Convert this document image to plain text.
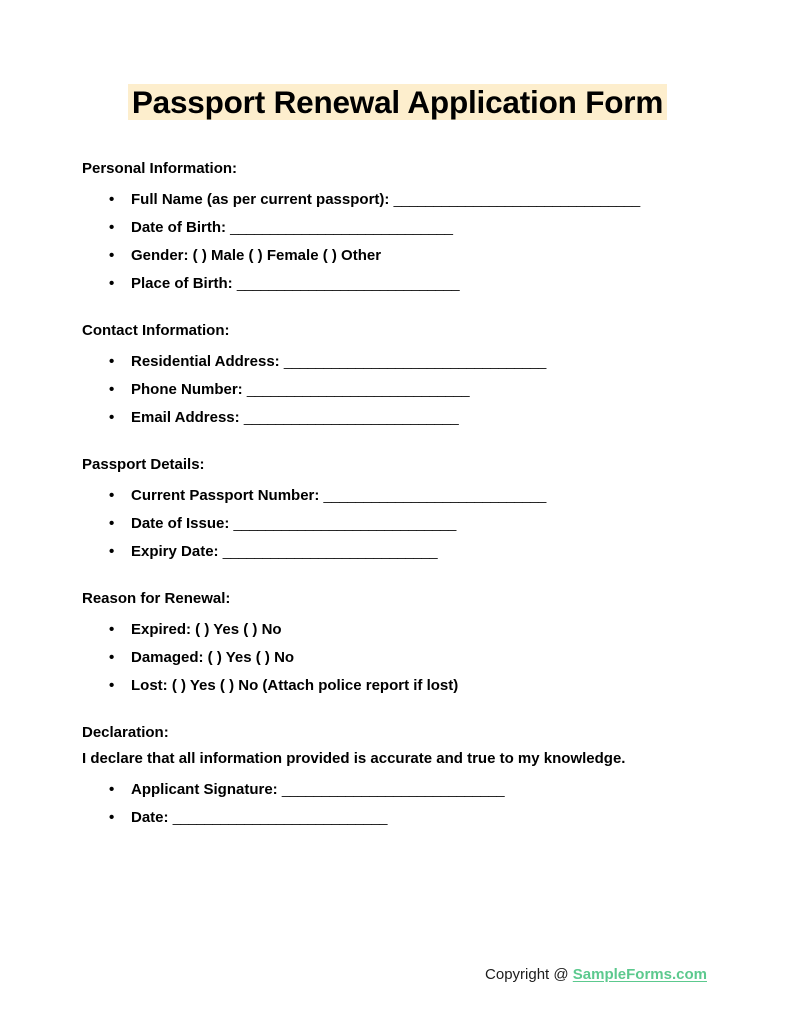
Passport Renewal Application Form

Personal Information:

• Full Name (as per current passport): _______________________________
• Date of Birth: ____________________________
• Gender: ( ) Male ( ) Female ( ) Other
• Place of Birth: ____________________________

Contact Information:

• Residential Address: _________________________________
• Phone Number: ____________________________
• Email Address: ___________________________

Passport Details:

• Current Passport Number: ____________________________
• Date of Issue: ____________________________
• Expiry Date: ___________________________

Reason for Renewal:

• Expired: ( ) Yes ( ) No
• Damaged: ( ) Yes ( ) No
• Lost: ( ) Yes ( ) No (Attach police report if lost)

Declaration:

I declare that all information provided is accurate and true to my knowledge.

• Applicant Signature: ____________________________
• Date: ___________________________
Copyright @ SampleForms.com
